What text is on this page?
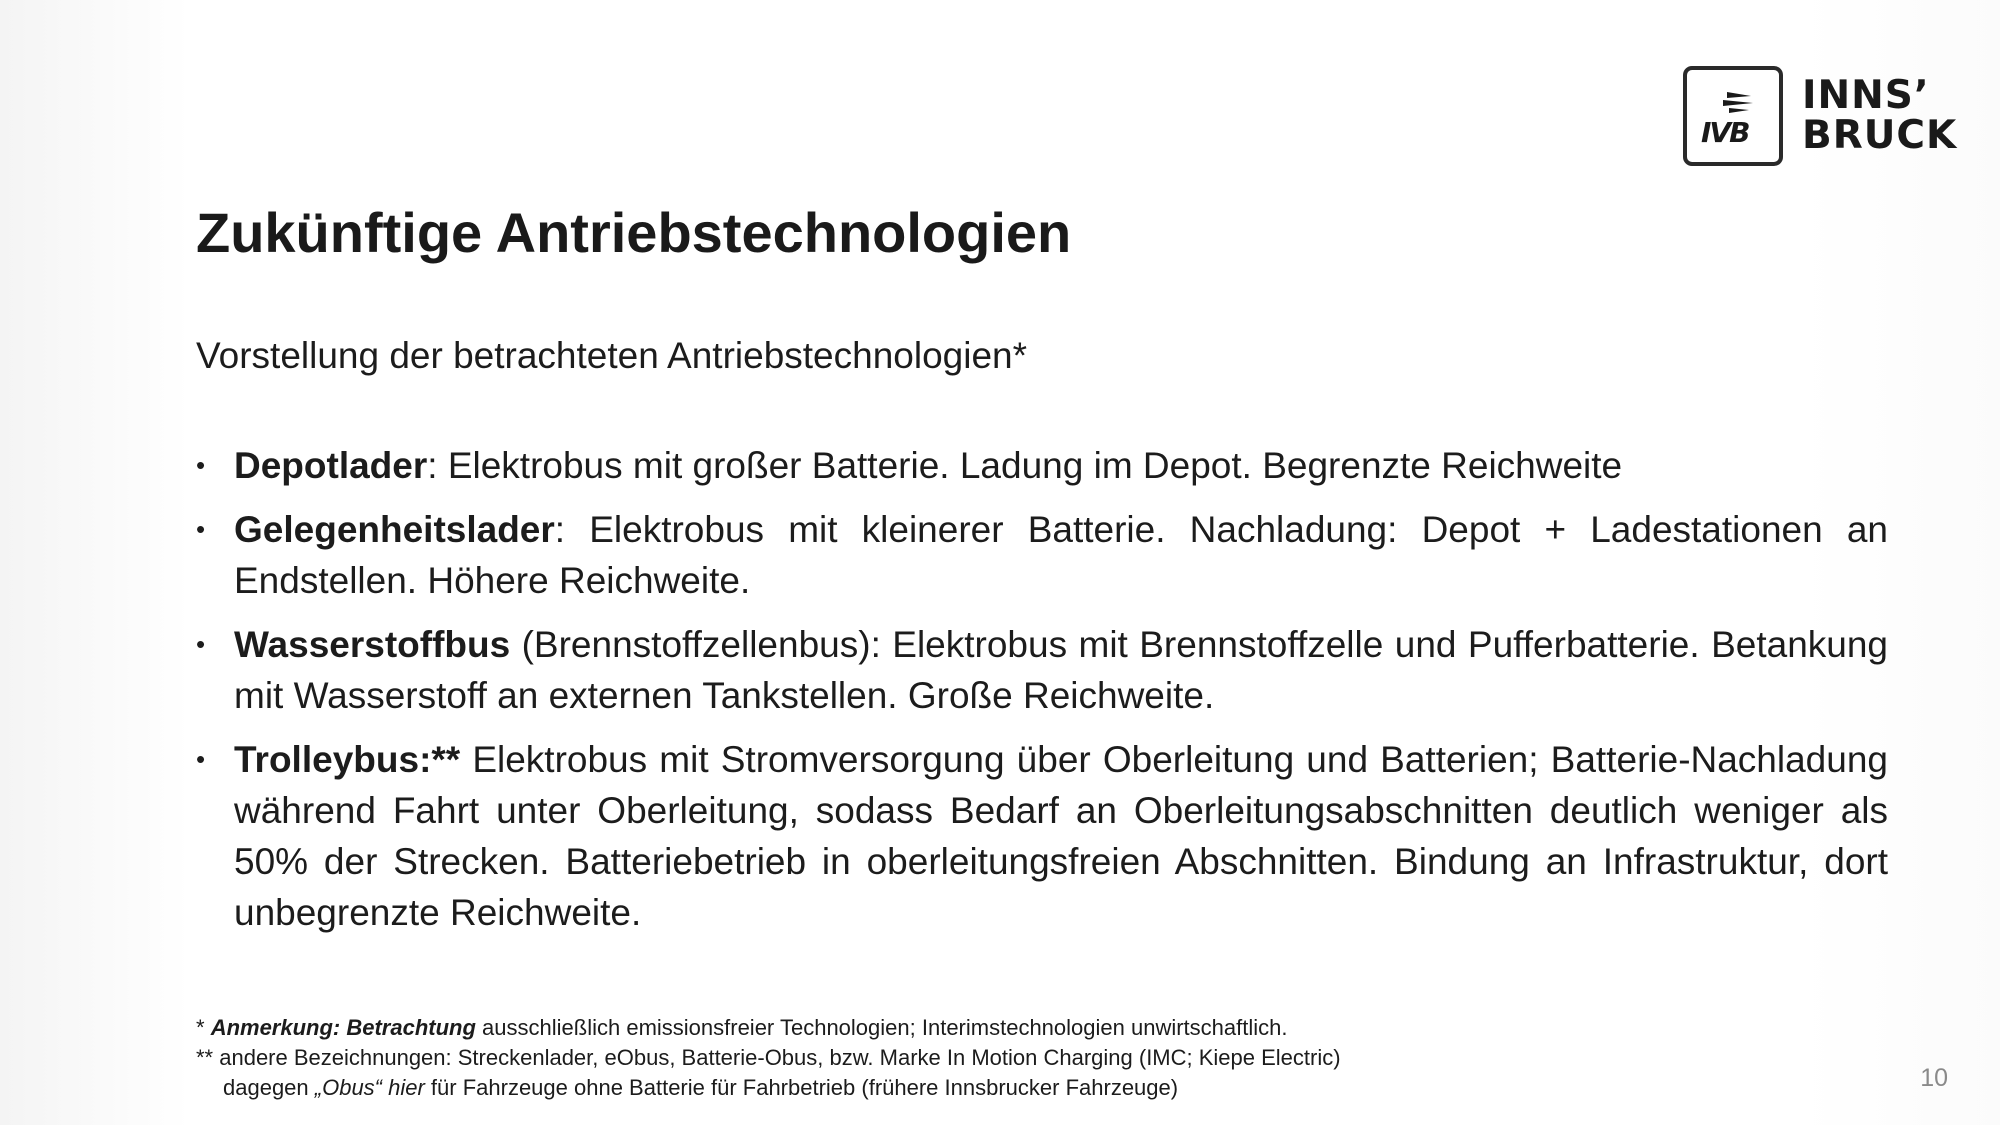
IVB
INNS’
BRUCK
Zukünftige Antriebstechnologien

Vorstellung der betrachteten Antriebstechnologien*

• Depotlader: Elektrobus mit großer Batterie. Ladung im Depot. Begrenzte Reichweite
• Gelegenheitslader: Elektrobus mit kleinerer Batterie. Nachladung: Depot + Ladestationen an Endstellen. Höhere Reichweite.
• Wasserstoffbus (Brennstoffzellenbus): Elektrobus mit Brennstoffzelle und Pufferbatterie. Betankung mit Wasserstoff an externen Tankstellen. Große Reichweite.
• Trolleybus:** Elektrobus mit Stromversorgung über Oberleitung und Batterien; Batterie-Nachladung während Fahrt unter Oberleitung, sodass Bedarf an Oberleitungsabschnitten deutlich weniger als 50% der Strecken. Batteriebetrieb in oberleitungsfreien Abschnitten. Bindung an Infrastruktur, dort unbegrenzte Reichweite.
* Anmerkung: Betrachtung ausschließlich emissionsfreier Technologien; Interimstechnologien unwirtschaftlich.
** andere Bezeichnungen: Streckenlader, eObus, Batterie-Obus, bzw. Marke In Motion Charging (IMC; Kiepe Electric)
dagegen „Obus“ hier für Fahrzeuge ohne Batterie für Fahrbetrieb (frühere Innsbrucker Fahrzeuge)	10
